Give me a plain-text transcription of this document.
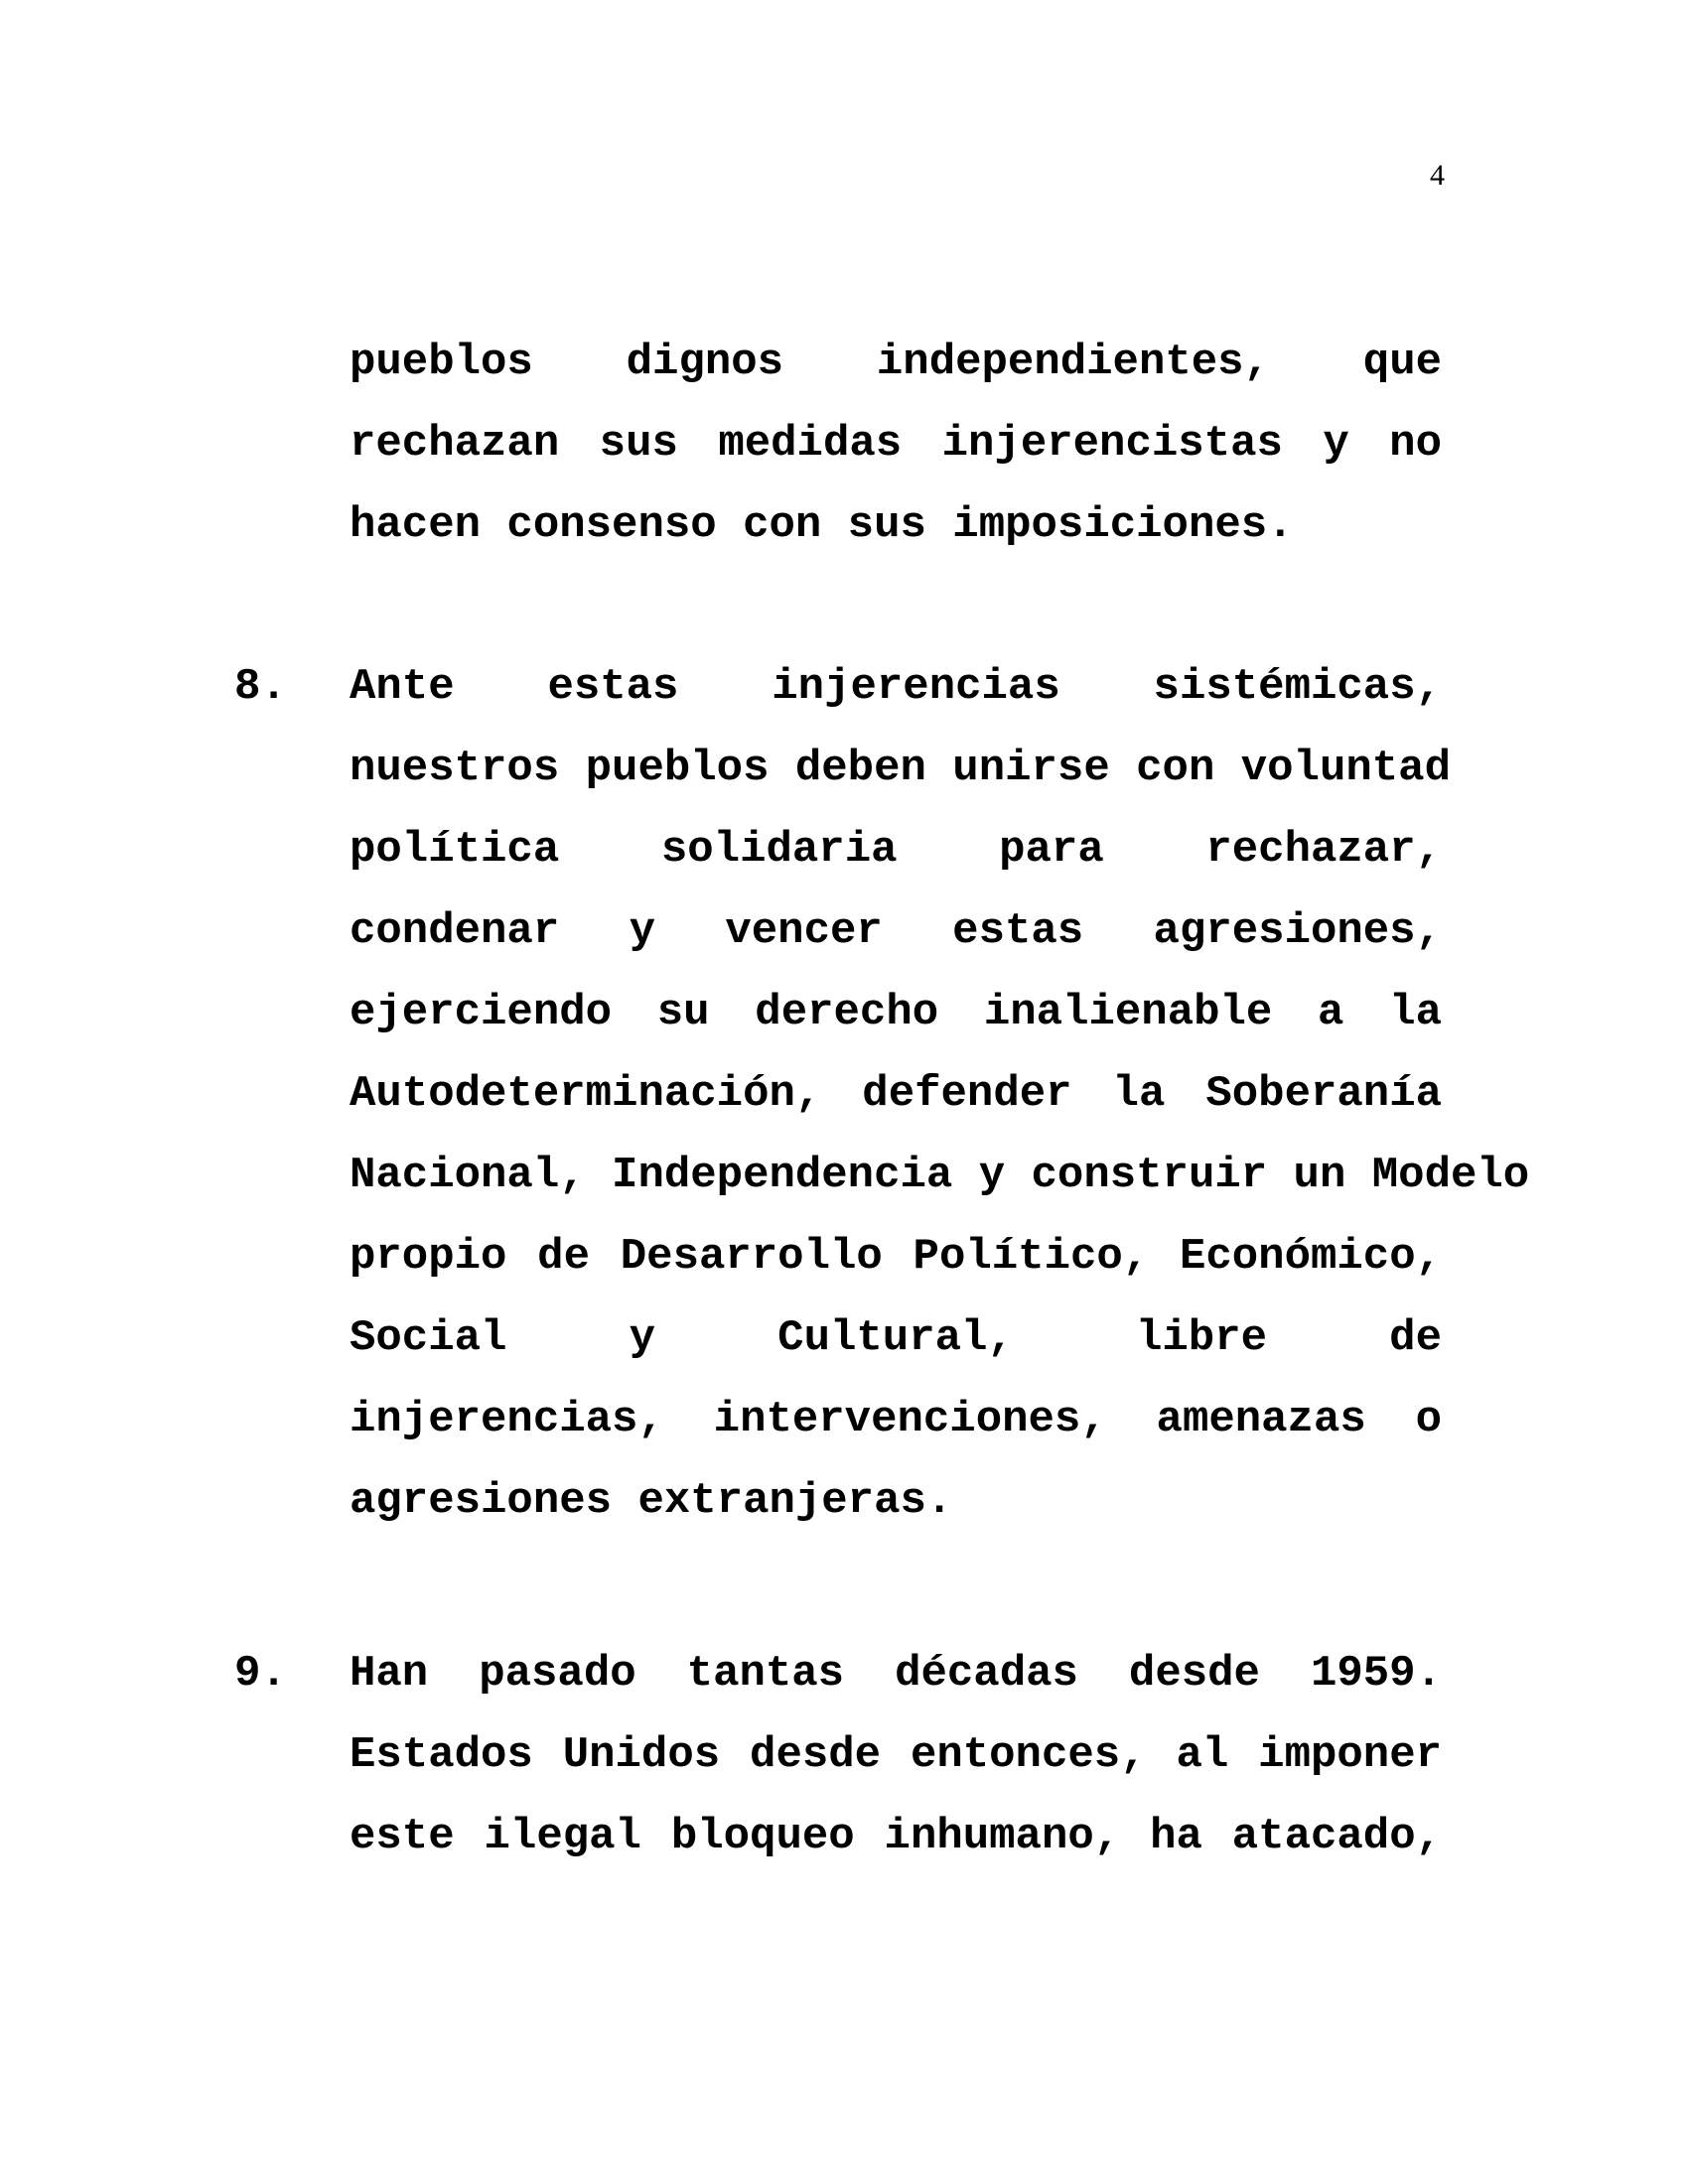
4
pueblos dignos independientes, que
rechazan sus medidas injerencistas y no
hacen consenso con sus imposiciones.
8. Ante estas injerencias sistémicas,
nuestros pueblos deben unirse con voluntad
política solidaria para rechazar,
condenar y vencer estas agresiones,
ejerciendo su derecho inalienable a la
Autodeterminación, defender la Soberanía
Nacional, Independencia y construir un Modelo
propio de Desarrollo Político, Económico,
Social y Cultural, libre de
injerencias, intervenciones, amenazas o
agresiones extranjeras.
9. Han pasado tantas décadas desde 1959.
Estados Unidos desde entonces, al imponer
este ilegal bloqueo inhumano, ha atacado,
